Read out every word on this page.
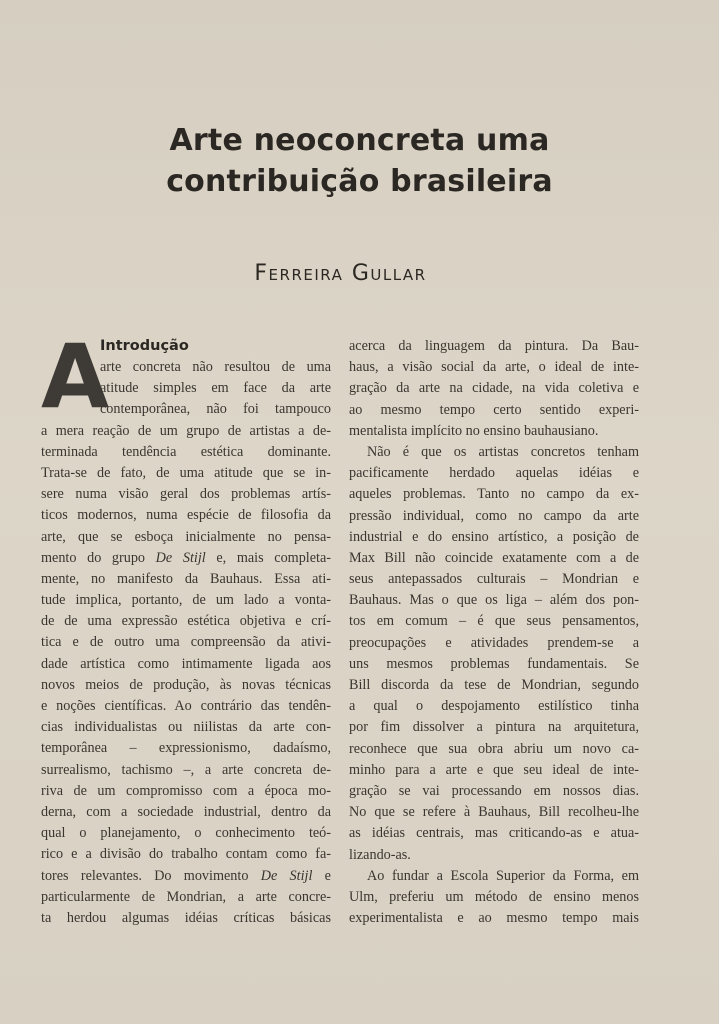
Arte neoconcreta uma
contribuição brasileira
Ferreira Gullar
A
Introdução
arte concreta não resultou de uma
atitude simples em face da arte
contemporânea, não foi tampouco
a mera reação de um grupo de artistas a de-
terminada tendência estética dominante.
Trata-se de fato, de uma atitude que se in-
sere numa visão geral dos problemas artís-
ticos modernos, numa espécie de filosofia da
arte, que se esboça inicialmente no pensa-
mento do grupo De Stijl e, mais completa-
mente, no manifesto da Bauhaus. Essa ati-
tude implica, portanto, de um lado a vonta-
de de uma expressão estética objetiva e crí-
tica e de outro uma compreensão da ativi-
dade artística como intimamente ligada aos
novos meios de produção, às novas técnicas
e noções científicas. Ao contrário das tendên-
cias individualistas ou niilistas da arte con-
temporânea – expressionismo, dadaísmo,
surrealismo, tachismo –, a arte concreta de-
riva de um compromisso com a época mo-
derna, com a sociedade industrial, dentro da
qual o planejamento, o conhecimento teó-
rico e a divisão do trabalho contam como fa-
tores relevantes. Do movimento De Stijl e
particularmente de Mondrian, a arte concre-
ta herdou algumas idéias críticas básicas
acerca da linguagem da pintura. Da Bau-
haus, a visão social da arte, o ideal de inte-
gração da arte na cidade, na vida coletiva e
ao mesmo tempo certo sentido experi-
mentalista implícito no ensino bauhausiano.
Não é que os artistas concretos tenham
pacificamente herdado aquelas idéias e
aqueles problemas. Tanto no campo da ex-
pressão individual, como no campo da arte
industrial e do ensino artístico, a posição de
Max Bill não coincide exatamente com a de
seus antepassados culturais – Mondrian e
Bauhaus. Mas o que os liga – além dos pon-
tos em comum – é que seus pensamentos,
preocupações e atividades prendem-se a
uns mesmos problemas fundamentais. Se
Bill discorda da tese de Mondrian, segundo
a qual o despojamento estilístico tinha
por fim dissolver a pintura na arquitetura,
reconhece que sua obra abriu um novo ca-
minho para a arte e que seu ideal de inte-
gração se vai processando em nossos dias.
No que se refere à Bauhaus, Bill recolheu-lhe
as idéias centrais, mas criticando-as e atua-
lizando-as.
Ao fundar a Escola Superior da Forma, em
Ulm, preferiu um método de ensino menos
experimentalista e ao mesmo tempo mais
